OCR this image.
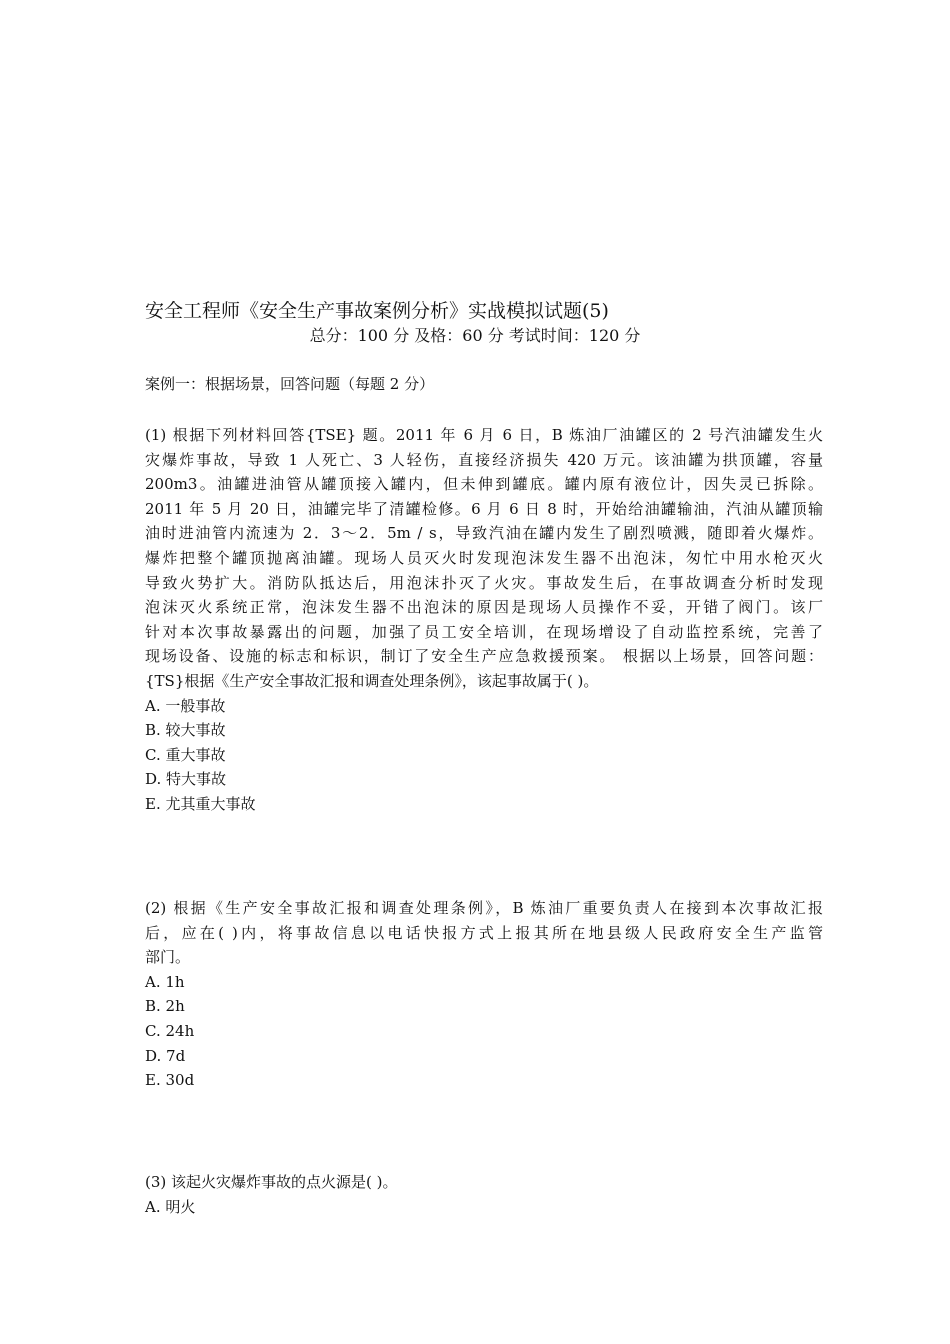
安全工程师《安全生产事故案例分析》实战模拟试题(5)
总分：100 分 及格：60 分 考试时间：120 分
案例一：根据场景，回答问题（每题 2 分）
(1) 根据下列材料回答{TSE} 题。2011 年 6 月 6 日，B 炼油厂油罐区的 2 号汽油罐发生火
灾爆炸事故，导致 1 人死亡、3 人轻伤，直接经济损失 420 万元。该油罐为拱顶罐，容量
200m3。油罐进油管从罐顶接入罐内，但未伸到罐底。罐内原有液位计，因失灵已拆除。
2011 年 5 月 20 日，油罐完毕了清罐检修。6 月 6 日 8 时，开始给油罐输油，汽油从罐顶输
油时进油管内流速为 2．3～2．5m / s，导致汽油在罐内发生了剧烈喷溅，随即着火爆炸。
爆炸把整个罐顶抛离油罐。现场人员灭火时发现泡沫发生器不出泡沫，匆忙中用水枪灭火
导致火势扩大。消防队抵达后，用泡沫扑灭了火灾。事故发生后，在事故调查分析时发现
泡沫灭火系统正常，泡沫发生器不出泡沫的原因是现场人员操作不妥，开错了阀门。该厂
针对本次事故暴露出的问题，加强了员工安全培训，在现场增设了自动监控系统，完善了
现场设备、设施的标志和标识，制订了安全生产应急救援预案。 根据以上场景，回答问题：
{TS}根据《生产安全事故汇报和调查处理条例》，该起事故属于( )。
A. 一般事故
B. 较大事故
C. 重大事故
D. 特大事故
E. 尤其重大事故
(2) 根据《生产安全事故汇报和调查处理条例》，B 炼油厂重要负责人在接到本次事故汇报
后，应在( )内，将事故信息以电话快报方式上报其所在地县级人民政府安全生产监管
部门。
A. 1h
B. 2h
C. 24h
D. 7d
E. 30d
(3) 该起火灾爆炸事故的点火源是( )。
A. 明火
